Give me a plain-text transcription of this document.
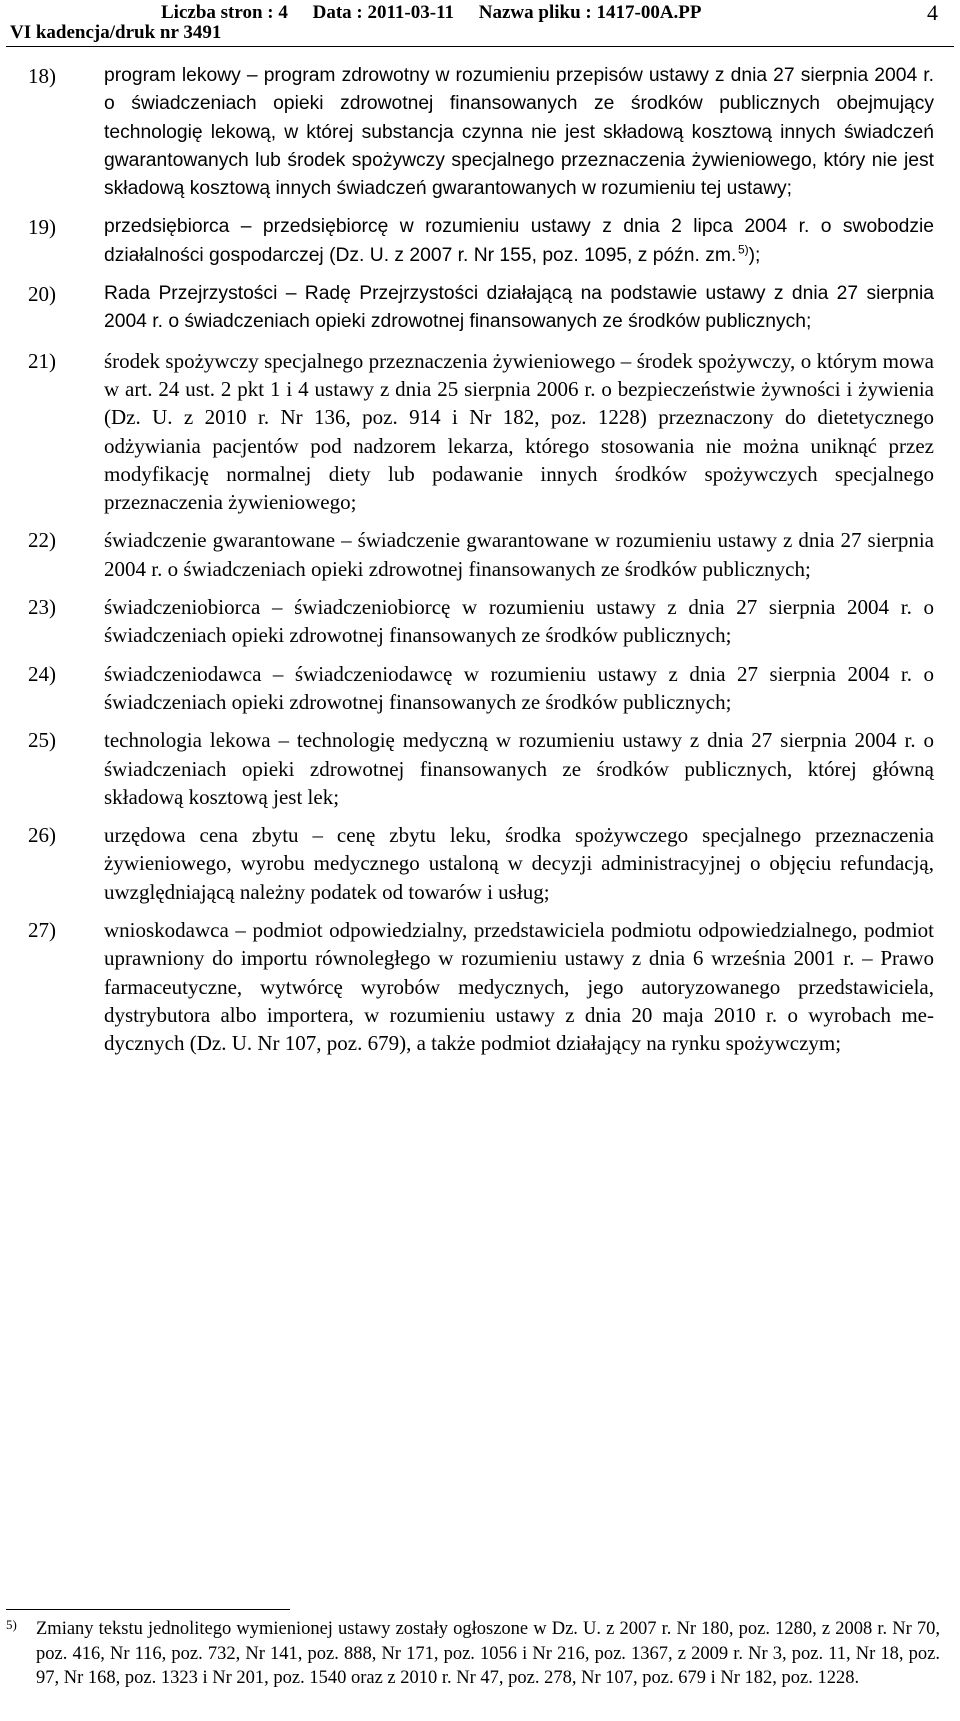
Liczba stron : 4 Data : 2011-03-11 Nazwa pliku : 1417-00A.PP
VI kadencja/druk nr 3491
4
18)	program lekowy – program zdrowotny w rozumieniu przepisów ustawy z dnia 27 sierpnia 2004 r. o świadczeniach opieki zdrowotnej finansowanych ze środków publicznych obejmujący technologię lekową, w której substancja czynna nie jest składową kosztową innych świadczeń gwarantowanych lub środek spożywczy specjalnego przeznaczenia żywieniowego, który nie jest składową kosztową innych świadczeń gwarantowanych w rozumieniu tej ustawy;
19)	przedsiębiorca – przedsiębiorcę w rozumieniu ustawy z dnia 2 lipca 2004 r. o swobodzie działalności gospodarczej (Dz. U. z 2007 r. Nr 155, poz. 1095, z późn. zm.  $^{5)}$);
20)	Rada Przejrzystości – Radę Przejrzystości działającą na podstawie ustawy z dnia 27 sierpnia 2004 r. o świadczeniach opieki zdrowotnej finansowanych ze środków publicznych;
21)	środek spożywczy specjalnego przeznaczenia żywieniowego – środek spożywczy, o którym mowa w art. 24 ust. 2 pkt 1 i 4 ustawy z dnia 25 sierpnia 2006 r. o bezpieczeństwie żywności i żywienia (Dz. U. z 2010 r. Nr 136, poz. 914 i Nr 182, poz. 1228) przeznaczony do dietetycznego odżywiania pacjentów pod nadzorem lekarza, którego stosowania nie można uniknąć przez modyfikację normalnej diety lub podawanie innych środków spożywczych specjalnego przeznaczenia żywieniowego;
22)	świadczenie gwarantowane – świadczenie gwarantowane w rozumieniu ustawy z dnia 27 sierpnia 2004 r. o świadczeniach opieki zdrowotnej finansowanych ze środków publicznych;
23)	świadczeniobiorca – świadczeniobiorcę w rozumieniu ustawy z dnia 27 sierpnia 2004 r. o świadczeniach opieki zdrowotnej finansowanych ze środków publicznych;
24)	świadczeniodawca – świadczeniodawcę w rozumieniu ustawy z dnia 27 sierpnia 2004 r. o świadczeniach opieki zdrowotnej finansowanych ze środków publicznych;
25)	technologia lekowa – technologię medyczną w rozumieniu ustawy z dnia 27 sierpnia 2004 r. o świadczeniach opieki zdrowotnej finansowanych ze środków publicznych, której główną składową kosztową jest lek;
26)	urzędowa cena zbytu – cenę zbytu leku, środka spożywczego specjalnego przeznaczenia żywieniowego, wyrobu medycznego ustaloną w decyzji administracyjnej o objęciu refundacją, uwzględniającą należny podatek od towarów i usług;
27)	wnioskodawca – podmiot odpowiedzialny, przedstawiciela podmiotu odpowiedzialnego, podmiot uprawniony do importu równoległego w rozumieniu ustawy z dnia 6 września 2001 r. – Prawo farmaceutyczne, wytwórcę wyrobów medycznych, jego autoryzowanego przedstawiciela, dystrybutora albo importera, w rozumieniu ustawy z dnia 20 maja 2010 r. o wyrobach medycznych (Dz. U. Nr 107, poz. 679), a także podmiot działający na rynku spożywczym;
5) Zmiany tekstu jednolitego wymienionej ustawy zostały ogłoszone w Dz. U. z 2007 r. Nr 180, poz. 1280, z 2008 r. Nr 70, poz. 416, Nr 116, poz. 732, Nr 141, poz. 888, Nr 171, poz. 1056 i Nr 216, poz. 1367, z 2009 r. Nr 3, poz. 11, Nr 18, poz. 97, Nr 168, poz. 1323 i Nr 201, poz. 1540 oraz z 2010 r. Nr 47, poz. 278, Nr 107, poz. 679 i Nr 182, poz. 1228.
